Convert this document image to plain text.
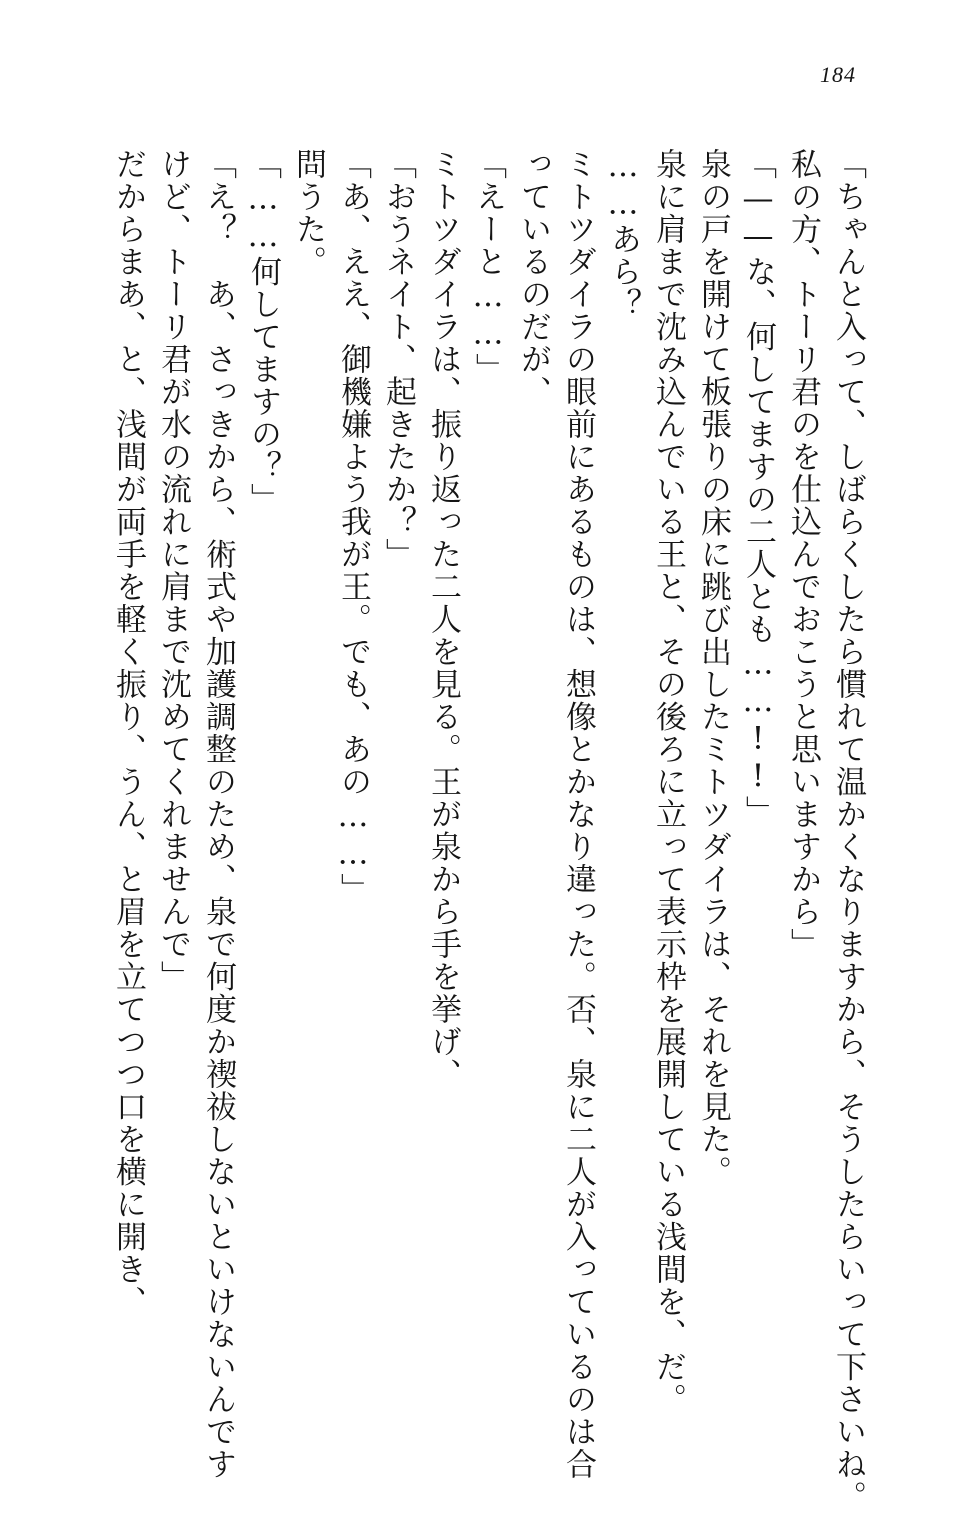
184
「ちゃんと入って、しばらくしたら慣れて温かくなりますから、そうしたらいって下さいね。
私の方、トーリ君のを仕込んでおこうと思いますから」
「——な、何してますの二人とも……!!」
泉の戸を開けて板張りの床に跳び出したミトツダイラは、それを見た。
泉に肩まで沈み込んでいる王と、その後ろに立って表示枠を展開している浅間を、だ。
……あら？
ミトツダイラの眼前にあるものは、想像とかなり違った。否、泉に二人が入っているのは合
っているのだが、
「えーと……」
ミトツダイラは、振り返った二人を見る。王が泉から手を挙げ、
「おうネイト、起きたか？」
「あ、ええ、御機嫌よう我が王。でも、あの……」
問うた。
「……何してますの？」
「え？　あ、さっきから、術式や加護調整のため、泉で何度か禊祓しないといけないんです
けど、トーリ君が水の流れに肩まで沈めてくれませんで」
だからまあ、と、浅間が両手を軽く振り、うん、と眉を立てつつ口を横に開き、
